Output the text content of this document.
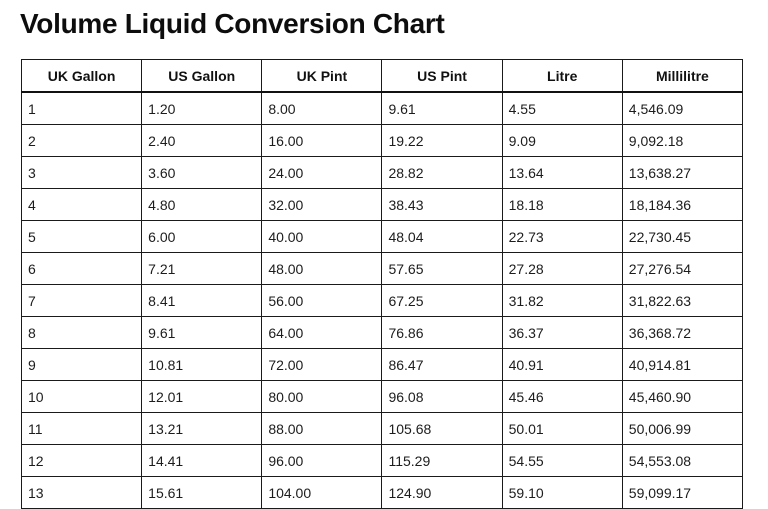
Volume Liquid Conversion Chart
UK Gallon	US Gallon	UK Pint	US Pint	Litre	Millilitre
1	1.20	8.00	9.61	4.55	4,546.09
2	2.40	16.00	19.22	9.09	9,092.18
3	3.60	24.00	28.82	13.64	13,638.27
4	4.80	32.00	38.43	18.18	18,184.36
5	6.00	40.00	48.04	22.73	22,730.45
6	7.21	48.00	57.65	27.28	27,276.54
7	8.41	56.00	67.25	31.82	31,822.63
8	9.61	64.00	76.86	36.37	36,368.72
9	10.81	72.00	86.47	40.91	40,914.81
10	12.01	80.00	96.08	45.46	45,460.90
11	13.21	88.00	105.68	50.01	50,006.99
12	14.41	96.00	115.29	54.55	54,553.08
13	15.61	104.00	124.90	59.10	59,099.17
